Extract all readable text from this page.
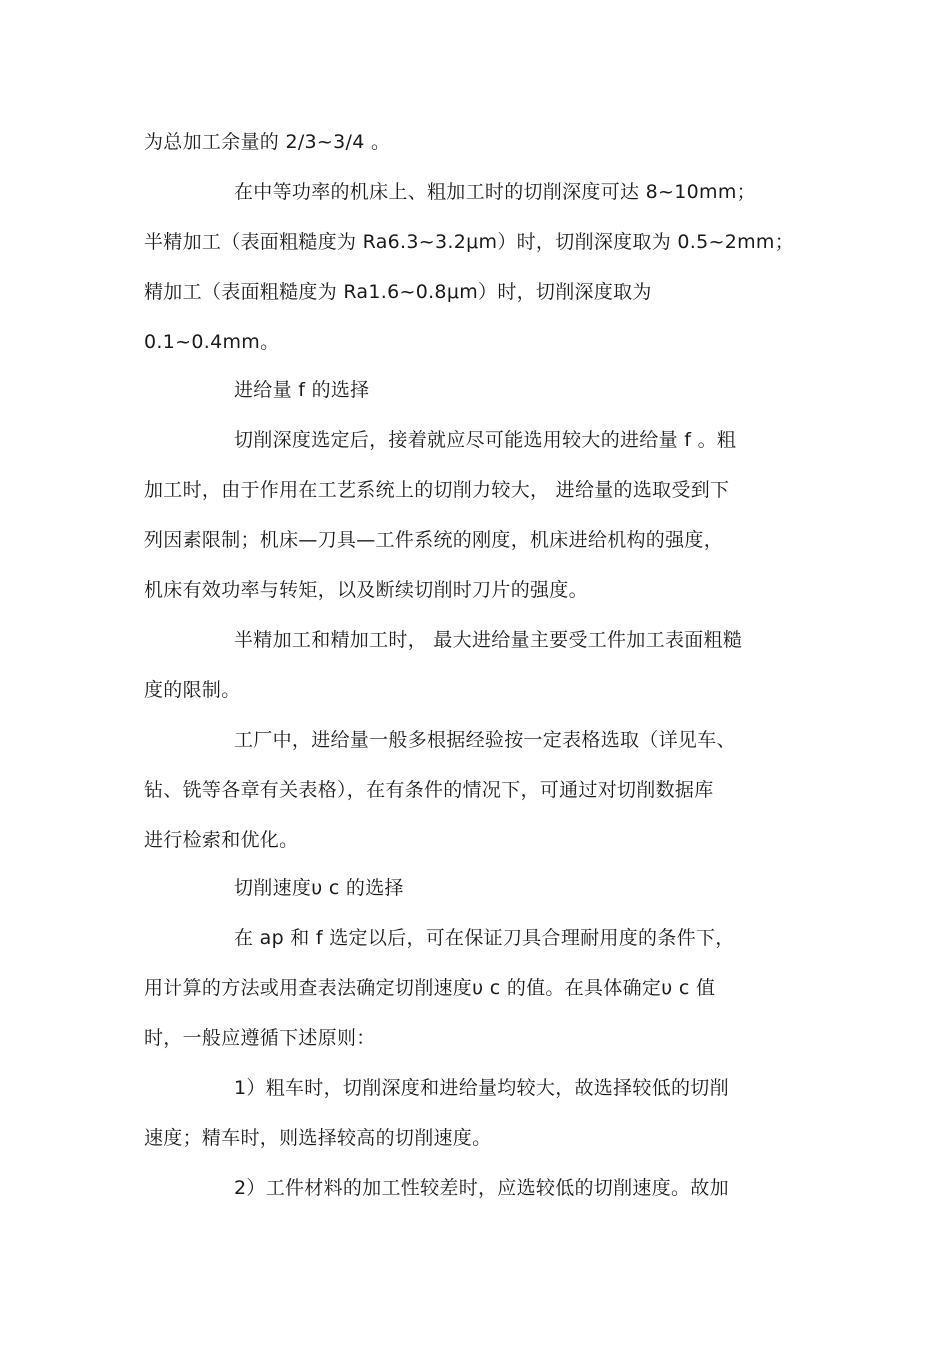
为总加工余量的 2/3~3/4 。
在中等功率的机床上、粗加工时的切削深度可达 8~10mm；
半精加工（表面粗糙度为 Ra6.3~3.2μm）时，切削深度取为 0.5~2mm；
精加工（表面粗糙度为 Ra1.6~0.8μm）时，切削深度取为
0.1~0.4mm。
进给量 f 的选择
切削深度选定后，接着就应尽可能选用较大的进给量 f 。粗
加工时，由于作用在工艺系统上的切削力较大， 进给量的选取受到下
列因素限制；机床—刀具—工件系统的刚度，机床进给机构的强度，
机床有效功率与转矩，以及断续切削时刀片的强度。
半精加工和精加工时， 最大进给量主要受工件加工表面粗糙
度的限制。
工厂中，进给量一般多根据经验按一定表格选取（详见车、
钻、铣等各章有关表格），在有条件的情况下，可通过对切削数据库
进行检索和优化。
切削速度υ c 的选择
在 ap 和 f 选定以后，可在保证刀具合理耐用度的条件下，
用计算的方法或用查表法确定切削速度υ c 的值。在具体确定υ c 值
时，一般应遵循下述原则：
1）粗车时，切削深度和进给量均较大，故选择较低的切削
速度；精车时，则选择较高的切削速度。
2）工件材料的加工性较差时，应选较低的切削速度。故加
